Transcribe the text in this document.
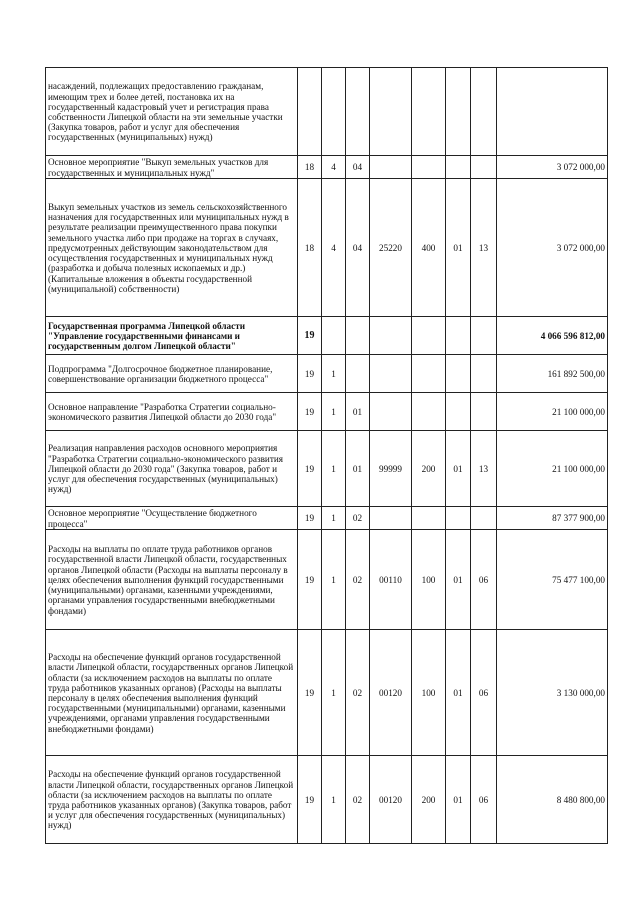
насаждений, подлежащих предоставлению гражданам, имеющим трех и более детей, постановка их на государственный кадастровый учет и регистрация права собственности Липецкой области на эти земельные участки (Закупка товаров, работ и услуг для обеспечения государственных (муниципальных) нужд)								
Основное мероприятие "Выкуп земельных участков для государственных и муниципальных нужд"	18	4	04					3 072 000,00
Выкуп земельных участков из земель сельскохозяйственного назначения для государственных или муниципальных нужд в результате реализации преимущественного права покупки земельного участка либо при продаже на торгах в случаях, предусмотренных действующим законодательством для осуществления государственных и муниципальных нужд (разработка и добыча полезных ископаемых и др.) (Капитальные вложения в объекты государственной (муниципальной) собственности)	18	4	04	25220	400	01	13	3 072 000,00
Государственная программа Липецкой области "Управление государственными финансами и государственным долгом Липецкой области"	19							4 066 596 812,00
Подпрограмма "Долгосрочное бюджетное планирование, совершенствование организации бюджетного процесса"	19	1						161 892 500,00
Основное направление "Разработка Стратегии социально-экономического развития Липецкой области до 2030 года"	19	1	01					21 100 000,00
Реализация направления расходов основного мероприятия "Разработка Стратегии социально-экономического развития Липецкой области до 2030 года" (Закупка товаров, работ и услуг для обеспечения государственных (муниципальных) нужд)	19	1	01	99999	200	01	13	21 100 000,00
Основное мероприятие "Осуществление бюджетного процесса"	19	1	02					87 377 900,00
Расходы на выплаты по оплате труда работников органов государственной власти Липецкой области, государственных органов Липецкой области (Расходы на выплаты персоналу в целях обеспечения выполнения функций государственными (муниципальными) органами, казенными учреждениями, органами управления государственными внебюджетными фондами)	19	1	02	00110	100	01	06	75 477 100,00
Расходы на обеспечение функций органов государственной власти Липецкой области, государственных органов Липецкой области (за исключением расходов на выплаты по оплате труда работников указанных органов) (Расходы на выплаты персоналу в целях обеспечения выполнения функций государственными (муниципальными) органами, казенными учреждениями, органами управления государственными внебюджетными фондами)	19	1	02	00120	100	01	06	3 130 000,00
Расходы на обеспечение функций органов государственной власти Липецкой области, государственных органов Липецкой области (за исключением расходов на выплаты по оплате труда работников указанных органов) (Закупка товаров, работ и услуг для обеспечения государственных (муниципальных) нужд)	19	1	02	00120	200	01	06	8 480 800,00
